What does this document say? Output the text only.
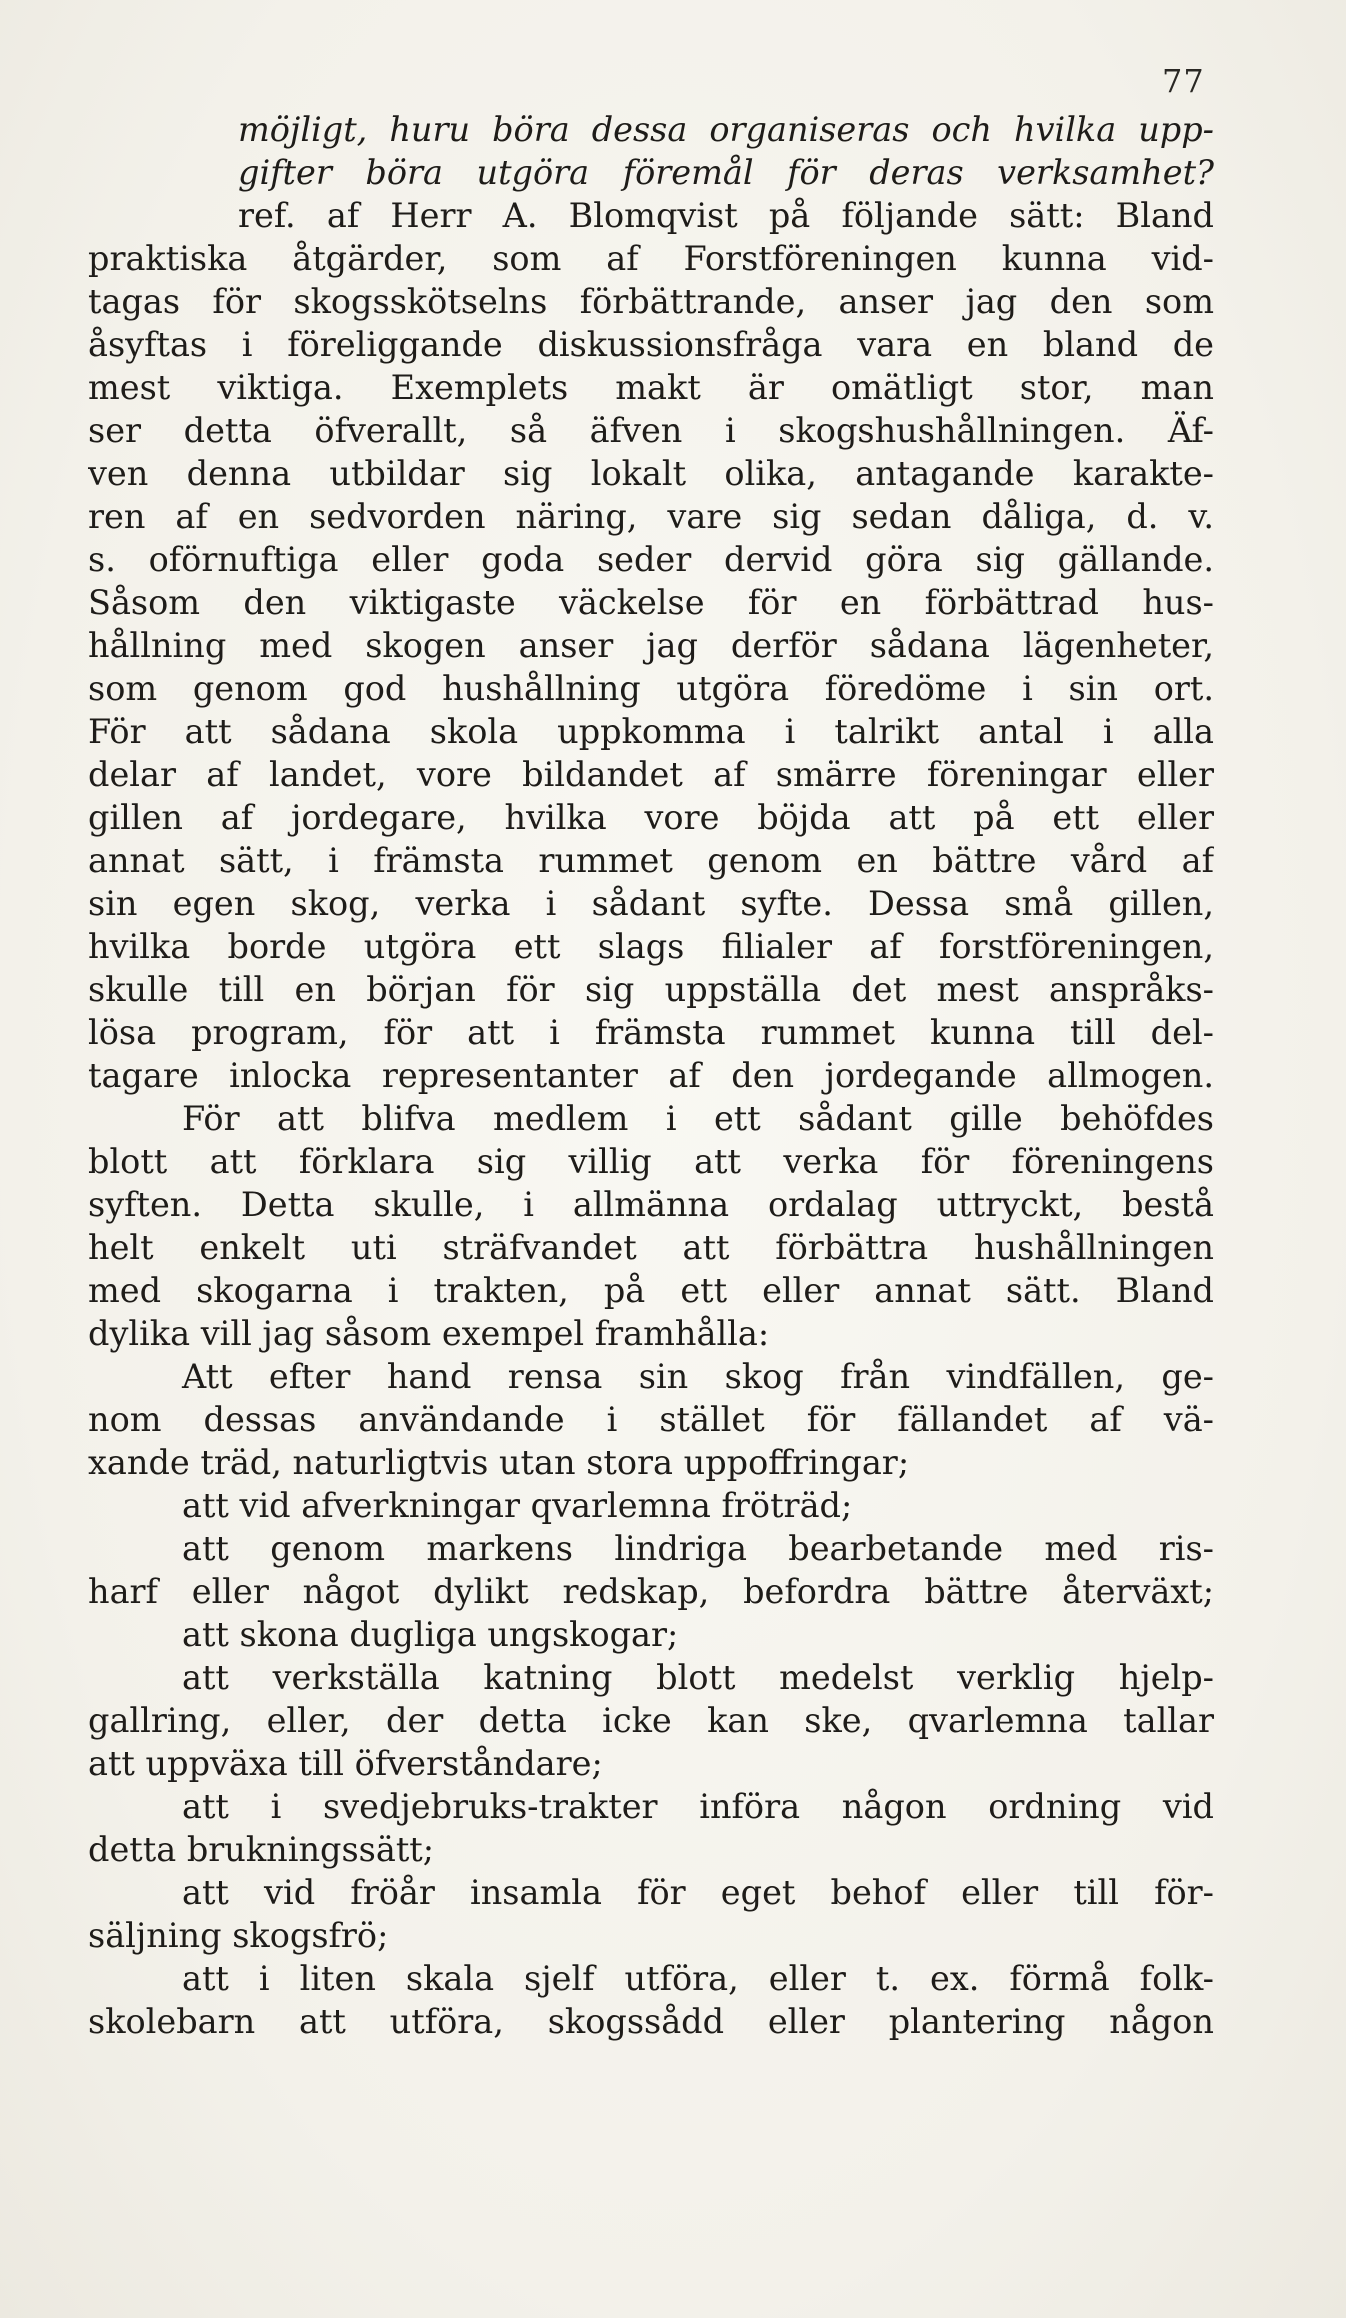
77
möjligt, huru böra dessa organiseras och hvilka upp-
gifter böra utgöra föremål för deras verksamhet?
ref. af Herr A. Blomqvist på följande sätt: Bland
praktiska åtgärder, som af Forstföreningen kunna vid-
tagas för skogsskötselns förbättrande, anser jag den som
åsyftas i föreliggande diskussionsfråga vara en bland de
mest viktiga. Exemplets makt är omätligt stor, man
ser detta öfverallt, så äfven i skogshushållningen. Äf-
ven denna utbildar sig lokalt olika, antagande karakte-
ren af en sedvorden näring, vare sig sedan dåliga, d. v.
s. oförnuftiga eller goda seder dervid göra sig gällande.
Såsom den viktigaste väckelse för en förbättrad hus-
hållning med skogen anser jag derför sådana lägenheter,
som genom god hushållning utgöra föredöme i sin ort.
För att sådana skola uppkomma i talrikt antal i alla
delar af landet, vore bildandet af smärre föreningar eller
gillen af jordegare, hvilka vore böjda att på ett eller
annat sätt, i främsta rummet genom en bättre vård af
sin egen skog, verka i sådant syfte. Dessa små gillen,
hvilka borde utgöra ett slags filialer af forstföreningen,
skulle till en början för sig uppställa det mest anspråks-
lösa program, för att i främsta rummet kunna till del-
tagare inlocka representanter af den jordegande allmogen.
För att blifva medlem i ett sådant gille behöfdes
blott att förklara sig villig att verka för föreningens
syften. Detta skulle, i allmänna ordalag uttryckt, bestå
helt enkelt uti sträfvandet att förbättra hushållningen
med skogarna i trakten, på ett eller annat sätt. Bland
dylika vill jag såsom exempel framhålla:
Att efter hand rensa sin skog från vindfällen, ge-
nom dessas användande i stället för fällandet af vä-
xande träd, naturligtvis utan stora uppoffringar;
att vid afverkningar qvarlemna fröträd;
att genom markens lindriga bearbetande med ris-
harf eller något dylikt redskap, befordra bättre återväxt;
att skona dugliga ungskogar;
att verkställa katning blott medelst verklig hjelp-
gallring, eller, der detta icke kan ske, qvarlemna tallar
att uppväxa till öfverståndare;
att i svedjebruks-trakter införa någon ordning vid
detta brukningssätt;
att vid fröår insamla för eget behof eller till för-
säljning skogsfrö;
att i liten skala sjelf utföra, eller t. ex. förmå folk-
skolebarn att utföra, skogssådd eller plantering någon
